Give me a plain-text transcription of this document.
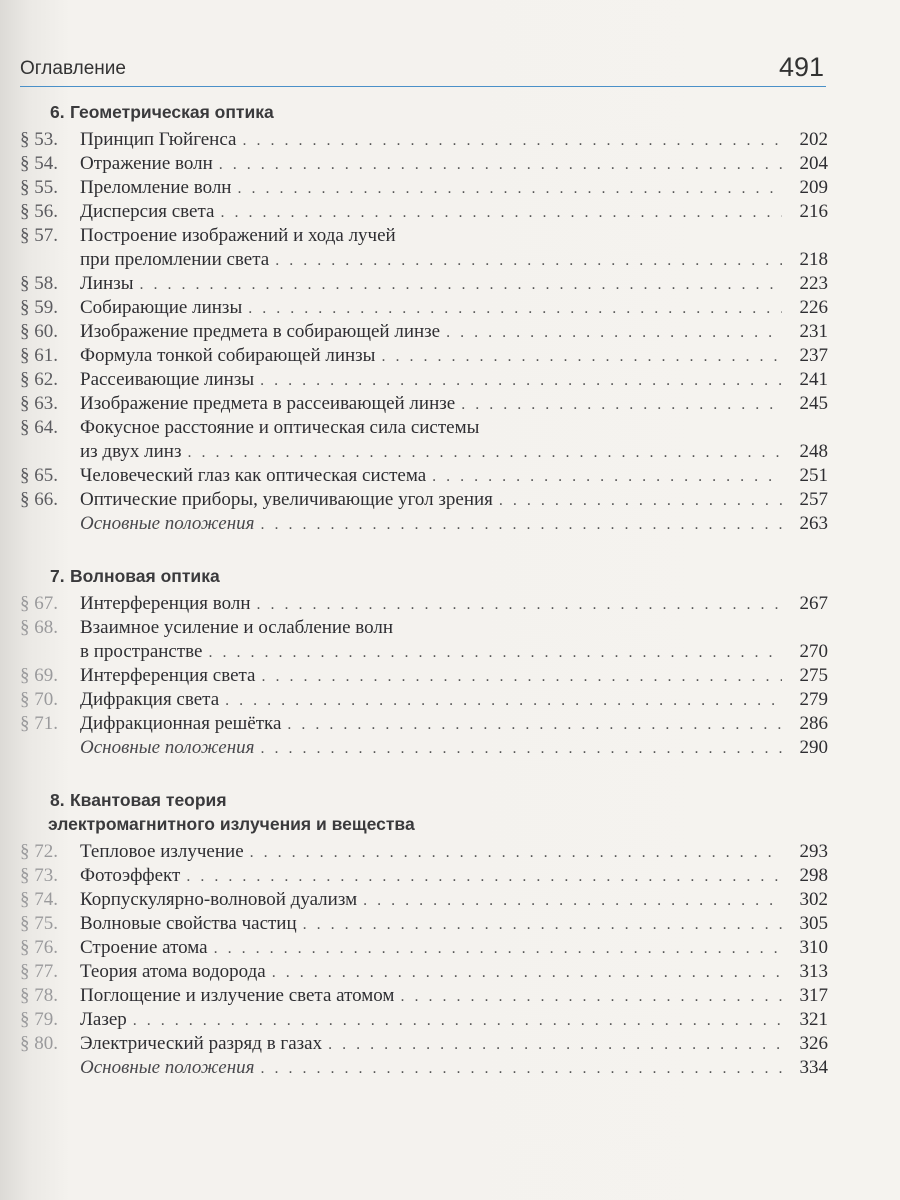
Оглавление	491
6. Геометрическая оптика
§ 53.	Принцип Гюйгенса . . .	202
§ 54.	Отражение волн . . .	204
§ 55.	Преломление волн . . .	209
§ 56.	Дисперсия света . . .	216
§ 57.	Построение изображений и хода лучей
при преломлении света . . .	218
§ 58.	Линзы . . .	223
§ 59.	Собирающие линзы . . .	226
§ 60.	Изображение предмета в собирающей линзе . . .	231
§ 61.	Формула тонкой собирающей линзы . . .	237
§ 62.	Рассеивающие линзы . . .	241
§ 63.	Изображение предмета в рассеивающей линзе . . .	245
§ 64.	Фокусное расстояние и оптическая сила системы
из двух линз . . .	248
§ 65.	Человеческий глаз как оптическая система . . .	251
§ 66.	Оптические приборы, увеличивающие угол зрения . . .	257
Основные положения . . .	263
7. Волновая оптика
§ 67.	Интерференция волн . . .	267
§ 68.	Взаимное усиление и ослабление волн
в пространстве . . .	270
§ 69.	Интерференция света . . .	275
§ 70.	Дифракция света . . .	279
§ 71.	Дифракционная решётка . . .	286
Основные положения . . .	290
8. Квантовая теория
электромагнитного излучения и вещества
§ 72.	Тепловое излучение . . .	293
§ 73.	Фотоэффект . . .	298
§ 74.	Корпускулярно-волновой дуализм . . .	302
§ 75.	Волновые свойства частиц . . .	305
§ 76.	Строение атома . . .	310
§ 77.	Теория атома водорода . . .	313
§ 78.	Поглощение и излучение света атомом . . .	317
§ 79.	Лазер . . .	321
§ 80.	Электрический разряд в газах . . .	326
Основные положения . . .	334
